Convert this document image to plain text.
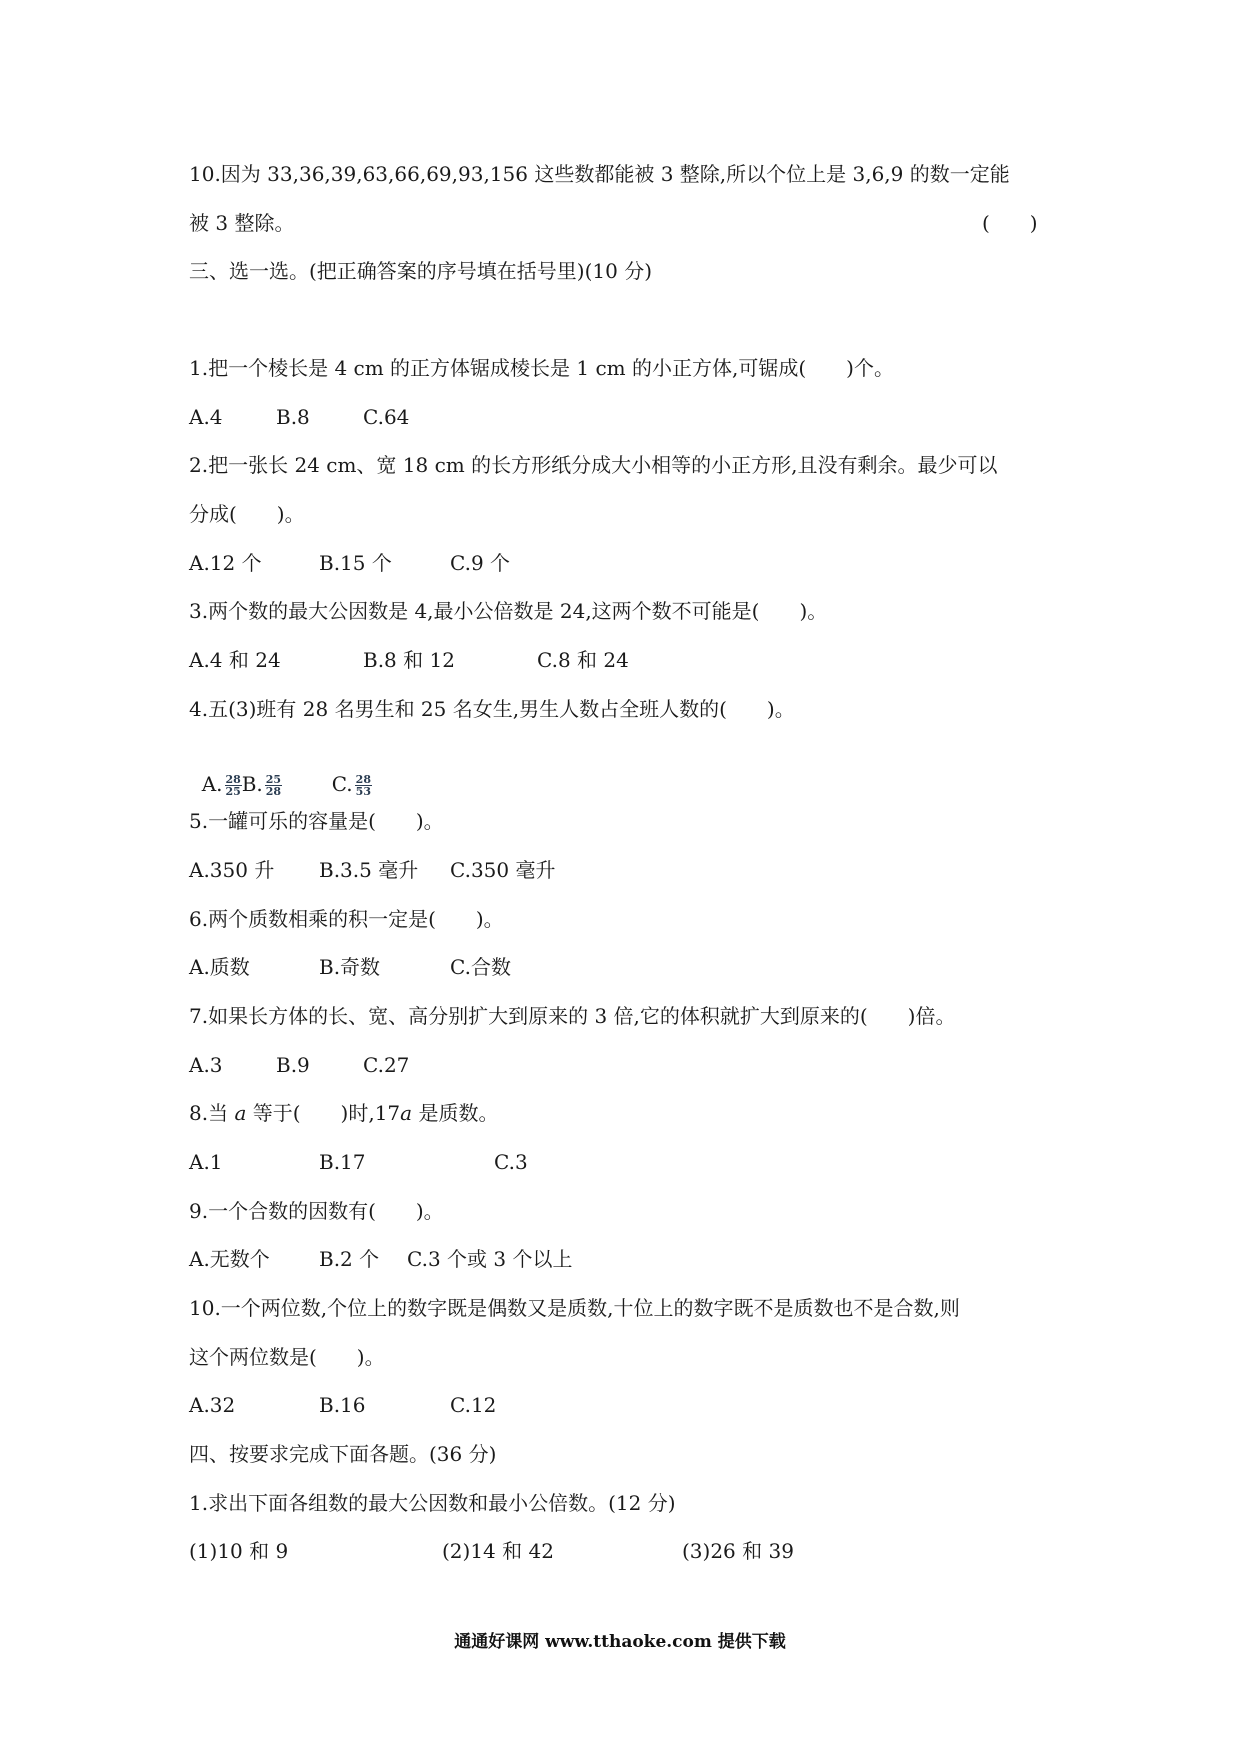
10.因为 33,36,39,63,66,69,93,156 这些数都能被 3 整除,所以个位上是 3,6,9 的数一定能
被 3 整除。	(　　)
三、选一选。(把正确答案的序号填在括号里)(10 分)
1.把一个棱长是 4 cm 的正方体锯成棱长是 1 cm 的小正方体,可锯成(　　)个。
A.4	B.8	C.64
2.把一张长 24 cm、宽 18 cm 的长方形纸分成大小相等的小正方形,且没有剩余。最少可以
分成(　　)。
A.12 个	B.15 个	C.9 个
3.两个数的最大公因数是 4,最小公倍数是 24,这两个数不可能是(　　)。
A.4 和 24	B.8 和 12	C.8 和 24
4.五(3)班有 28 名男生和 25 名女生,男生人数占全班人数的(　　)。

A. $\frac{28}{25} B$. $\frac{25}{28}$	C. $\frac{28}{53}$

5.一罐可乐的容量是(　　)。
A.350 升 B.3.5 毫升 C.350 毫升
6.两个质数相乘的积一定是(　　)。
A.质数	B.奇数	C.合数
7.如果长方体的长、宽、高分别扩大到原来的 3 倍,它的体积就扩大到原来的(　　)倍。
A.3	B.9	C.27
8.当 a 等于(　　)时,17a 是质数。
A.1	B.17	C.3
9.一个合数的因数有(　　)。
A.无数个 B.2 个 C.3 个或 3 个以上
10.一个两位数,个位上的数字既是偶数又是质数,十位上的数字既不是质数也不是合数,则
这个两位数是(　　)。
A.32	B.16	C.12
四、按要求完成下面各题。(36 分)
1.求出下面各组数的最大公因数和最小公倍数。(12 分)
(1)10 和 9	(2)14 和 42	(3)26 和 39
通通好课网 www.tthaoke.com 提供下载
